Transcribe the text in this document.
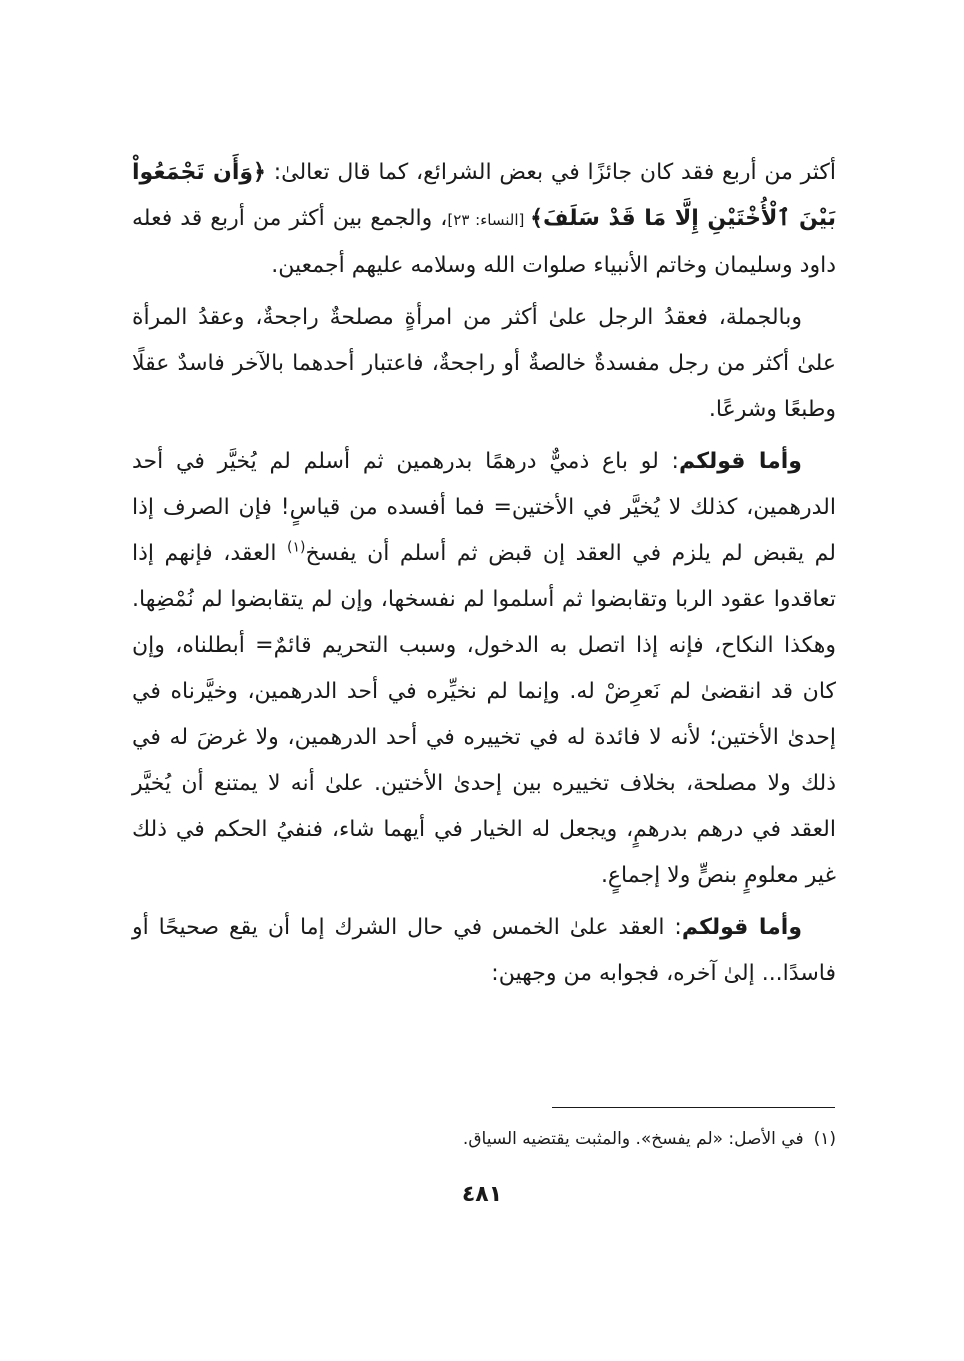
أكثر من أربع فقد كان جائزًا في بعض الشرائع، كما قال تعالىٰ: ﴿وَأَن تَجْمَعُواْ بَيْنَ ٱلْأُخْتَيْنِ إِلَّا مَا قَدْ سَلَفَ﴾ [النساء: ٢٣]، والجمع بين أكثر من أربع قد فعله داود وسليمان وخاتم الأنبياء صلوات الله وسلامه عليهم أجمعين.

وبالجملة، فعقدُ الرجل علىٰ أكثر من امرأةٍ مصلحةٌ راجحةٌ، وعقدُ المرأة علىٰ أكثر من رجل مفسدةٌ خالصةٌ أو راجحةٌ، فاعتبار أحدهما بالآخر فاسدٌ عقلًا وطبعًا وشرعًا.

وأما قولكم: لو باع ذميٌّ درهمًا بدرهمين ثم أسلم لم يُخيَّر في أحد الدرهمين، كذلك لا يُخيَّر في الأختين= فما أفسده من قياسٍ! فإن الصرف إذا لم يقبض لم يلزم في العقد إن قبض ثم أسلم أن يفسخ$^{(١)}$ العقد، فإنهم إذا تعاقدوا عقود الربا وتقابضوا ثم أسلموا لم نفسخها، وإن لم يتقابضوا لم نُمْضِها. وهكذا النكاح، فإنه إذا اتصل به الدخول، وسبب التحريم قائمٌ= أبطلناه، وإن كان قد انقضىٰ لم نَعرِضْ له. وإنما لم نخيِّره في أحد الدرهمين، وخيَّرناه في إحدىٰ الأختين؛ لأنه لا فائدة له في تخييره في أحد الدرهمين، ولا غرضَ له في ذلك ولا مصلحة، بخلاف تخييره بين إحدىٰ الأختين. علىٰ أنه لا يمتنع أن يُخيَّر العقد في درهم بدرهمٍ، ويجعل له الخيار في أيهما شاء، فنفيُ الحكم في ذلك غير معلومٍ بنصٍّ ولا إجماعٍ.

وأما قولكم: العقد علىٰ الخمس في حال الشرك إما أن يقع صحيحًا أو فاسدًا... إلىٰ آخره، فجوابه من وجهين:

(١)في الأصل: «لم يفسخ». والمثبت يقتضيه السياق.
٤٨١
